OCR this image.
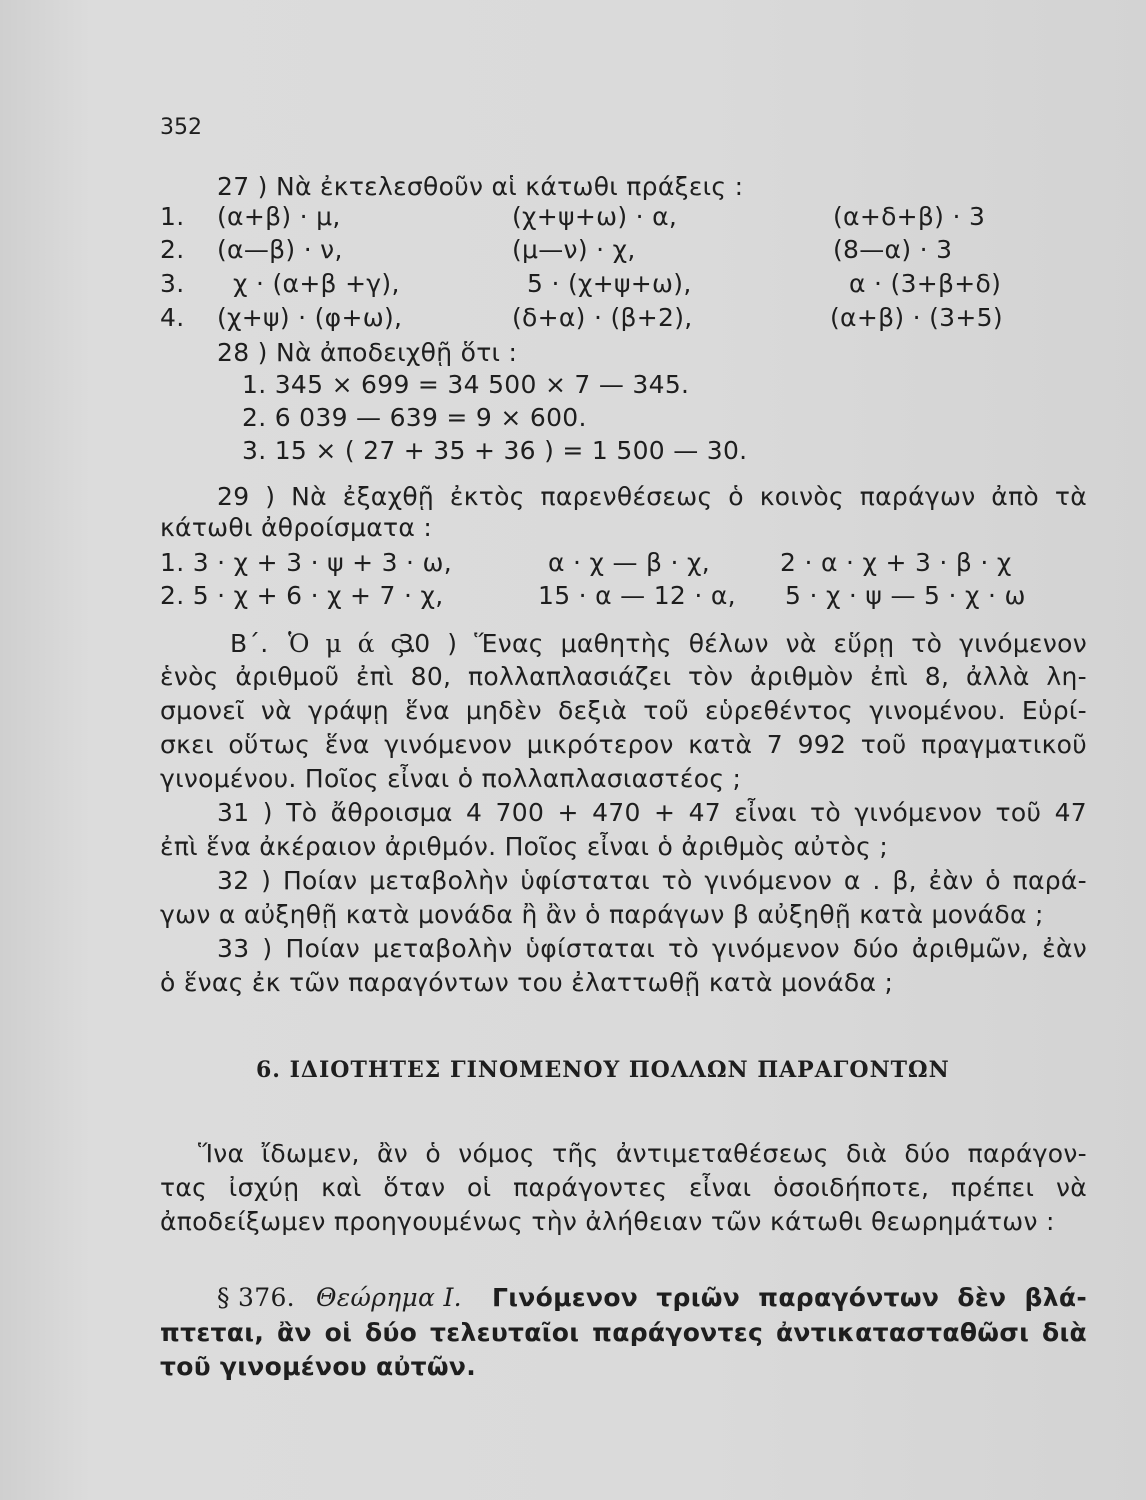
352
27 ) Νὰ ἐκτελεσθοῦν αἱ κάτωθι πράξεις :
1. (α+β) · μ,	(χ+ψ+ω) · α,	(α+δ+β) · 3
2. (α—β) · ν,	(μ—ν) · χ,	(8—α) · 3
3. χ · (α+β +γ),	5 · (χ+ψ+ω),	α · (3+β+δ)
4. (χ+ψ) · (φ+ω),	(δ+α) · (β+2),	(α+β) · (3+5)
28 ) Νὰ ἀποδειχθῇ ὅτι :
1. 345 × 699 = 34 500 × 7 — 345.
2. 6 039 — 639 = 9 × 600.
3. 15 × ( 27 + 35 + 36 ) = 1 500 — 30.
29 ) Νὰ ἐξαχθῇ ἐκτὸς παρενθέσεως ὁ κοινὸς παράγων ἀπὸ τὰ
κάτωθι ἀθροίσματα :
1. 3 · χ + 3 · ψ + 3 · ω,	α · χ — β · χ,	2 · α · χ + 3 · β · χ
2. 5 · χ + 6 · χ + 7 · χ,	15 · α — 12 · α, 5 · χ · ψ — 5 · χ · ω
Β΄. Ὁ μ ά ς.
30 ) Ἕνας μαθητὴς θέλων νὰ εὕρῃ τὸ γινόμενον
ἑνὸς ἀριθμοῦ ἐπὶ 80, πολλαπλασιάζει τὸν ἀριθμὸν ἐπὶ 8, ἀλλὰ λη-
σμονεῖ νὰ γράψῃ ἕνα μηδὲν δεξιὰ τοῦ εὑρεθέντος γινομένου. Εὑρί-
σκει οὕτως ἕνα γινόμενον μικρότερον κατὰ 7 992 τοῦ πραγματικοῦ
γινομένου. Ποῖος εἶναι ὁ πολλαπλασιαστέος ;
31 ) Τὸ ἄθροισμα 4 700 + 470 + 47 εἶναι τὸ γινόμενον τοῦ 47
ἐπὶ ἕνα ἀκέραιον ἀριθμόν. Ποῖος εἶναι ὁ ἀριθμὸς αὐτὸς ;
32 ) Ποίαν μεταβολὴν ὑφίσταται τὸ γινόμενον α . β, ἐὰν ὁ παρά-
γων α αὐξηθῇ κατὰ μονάδα ἢ ἂν ὁ παράγων β αὐξηθῇ κατὰ μονάδα ;
33 ) Ποίαν μεταβολὴν ὑφίσταται τὸ γινόμενον δύο ἀριθμῶν, ἐὰν
ὁ ἕνας ἐκ τῶν παραγόντων του ἐλαττωθῇ κατὰ μονάδα ;
6. ΙΔΙΟΤΗΤΕΣ ΓΙΝΟΜΕΝΟΥ ΠΟΛΛΩΝ ΠΑΡΑΓΟΝΤΩΝ
Ἵνα ἴδωμεν, ἂν ὁ νόμος τῆς ἀντιμεταθέσεως διὰ δύο παράγον-
τας ἰσχύῃ καὶ ὅταν οἱ παράγοντες εἶναι ὁσοιδήποτε, πρέπει νὰ
ἀποδείξωμεν προηγουμένως τὴν ἀλήθειαν τῶν κάτωθι θεωρημάτων :
§ 376. Θεώρημα Ι. Γινόμενον τριῶν παραγόντων δὲν βλά-
πτεται, ἂν οἱ δύο τελευταῖοι παράγοντες ἀντικατασταθῶσι διὰ
τοῦ γινομένου αὐτῶν.
